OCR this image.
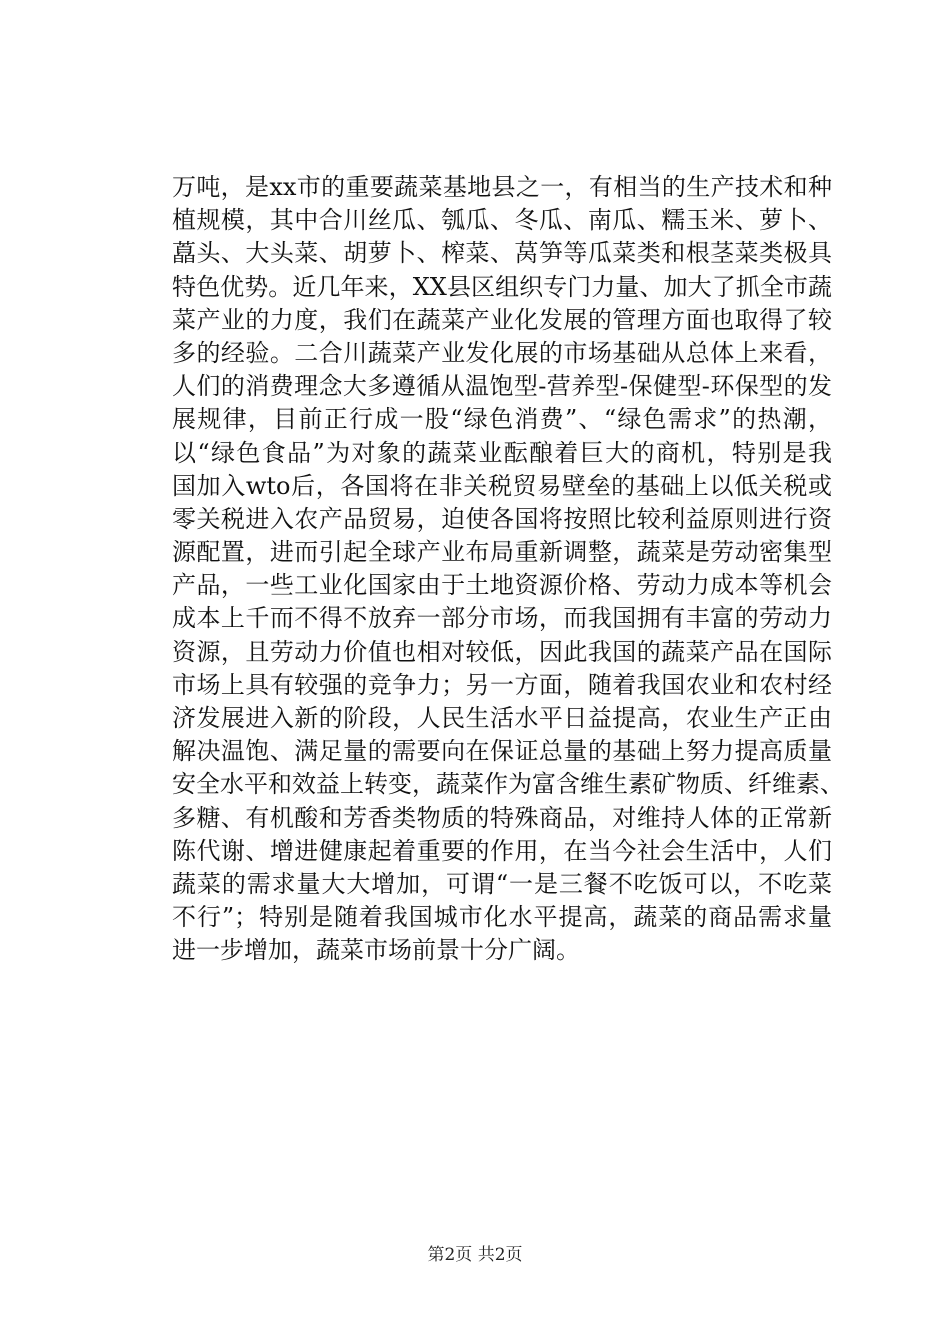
万吨，是xx市的重要蔬菜基地县之一，有相当的生产技术和种
植规模，其中合川丝瓜、瓠瓜、冬瓜、南瓜、糯玉米、萝卜、
藠头、大头菜、胡萝卜、榨菜、莴笋等瓜菜类和根茎菜类极具
特色优势。近几年来，XX县区组织专门力量、加大了抓全市蔬
菜产业的力度，我们在蔬菜产业化发展的管理方面也取得了较
多的经验。二合川蔬菜产业发化展的市场基础从总体上来看，
人们的消费理念大多遵循从温饱型-营养型-保健型-环保型的发
展规律，目前正行成一股“绿色消费”、“绿色需求”的热潮，
以“绿色食品”为对象的蔬菜业酝酿着巨大的商机，特别是我
国加入wto后，各国将在非关税贸易壁垒的基础上以低关税或
零关税进入农产品贸易，迫使各国将按照比较利益原则进行资
源配置，进而引起全球产业布局重新调整，蔬菜是劳动密集型
产品，一些工业化国家由于土地资源价格、劳动力成本等机会
成本上千而不得不放弃一部分市场，而我国拥有丰富的劳动力
资源，且劳动力价值也相对较低，因此我国的蔬菜产品在国际
市场上具有较强的竞争力；另一方面，随着我国农业和农村经
济发展进入新的阶段，人民生活水平日益提高，农业生产正由
解决温饱、满足量的需要向在保证总量的基础上努力提高质量
安全水平和效益上转变，蔬菜作为富含维生素矿物质、纤维素、
多糖、有机酸和芳香类物质的特殊商品，对维持人体的正常新
陈代谢、增进健康起着重要的作用，在当今社会生活中，人们
蔬菜的需求量大大增加，可谓“一是三餐不吃饭可以，不吃菜
不行”；特别是随着我国城市化水平提高，蔬菜的商品需求量
进一步增加，蔬菜市场前景十分广阔。
第2页 共2页
